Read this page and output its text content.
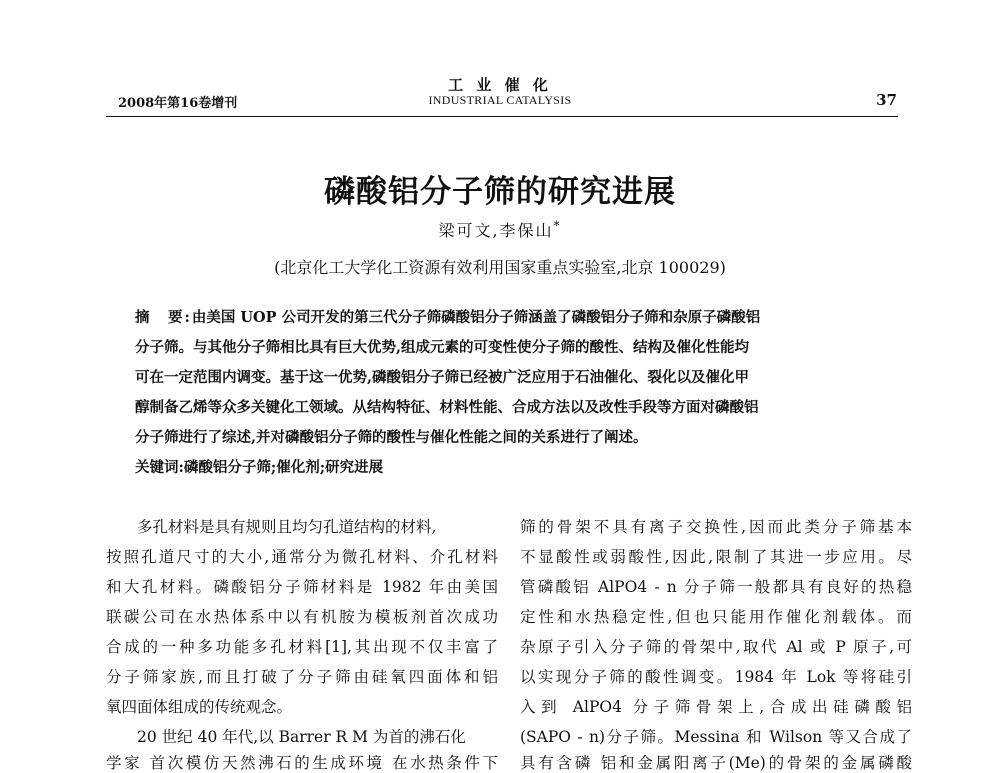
工 业 催 化
INDUSTRIAL CATALYSIS
2008年第16卷增刊	37
磷酸铝分子筛的研究进展
梁可文,李保山*
(北京化工大学化工资源有效利用国家重点实验室,北京 100029)
摘　要:由美国 UOP 公司开发的第三代分子筛磷酸铝分子筛涵盖了磷酸铝分子筛和杂原子磷酸铝
分子筛。与其他分子筛相比具有巨大优势,组成元素的可变性使分子筛的酸性、结构及催化性能均
可在一定范围内调变。基于这一优势,磷酸铝分子筛已经被广泛应用于石油催化、裂化以及催化甲
醇制备乙烯等众多关键化工领域。从结构特征、材料性能、合成方法以及改性手段等方面对磷酸铝
分子筛进行了综述,并对磷酸铝分子筛的酸性与催化性能之间的关系进行了阐述。
关键词:磷酸铝分子筛;催化剂;研究进展
多孔材料是具有规则且均匀孔道结构的材料,
按照孔道尺寸的大小,通常分为微孔材料、介孔材料
和大孔材料。磷酸铝分子筛材料是 1982 年由美国
联碳公司在水热体系中以有机胺为模板剂首次成功
合成的一种多功能多孔材料[1],其出现不仅丰富了
分子筛家族,而且打破了分子筛由硅氧四面体和铝
氧四面体组成的传统观念。
20 世纪 40 年代,以 Barrer R M 为首的沸石化
学家 首次模仿天然沸石的生成环境 在水热条件下
筛的骨架不具有离子交换性,因而此类分子筛基本
不显酸性或弱酸性,因此,限制了其进一步应用。尽
管磷酸铝 AlPO4 - n 分子筛一般都具有良好的热稳
定性和水热稳定性,但也只能用作催化剂载体。而
杂原子引入分子筛的骨架中,取代 Al 或 P 原子,可
以实现分子筛的酸性调变。1984 年 Lok 等将硅引
入到 AlPO4 分子筛骨架上,合成出硅磷酸铝
(SAPO - n)分子筛。Messina 和 Wilson 等又合成了
具有含磷 铝和金属阳离子(Me)的骨架的金属磷酸
